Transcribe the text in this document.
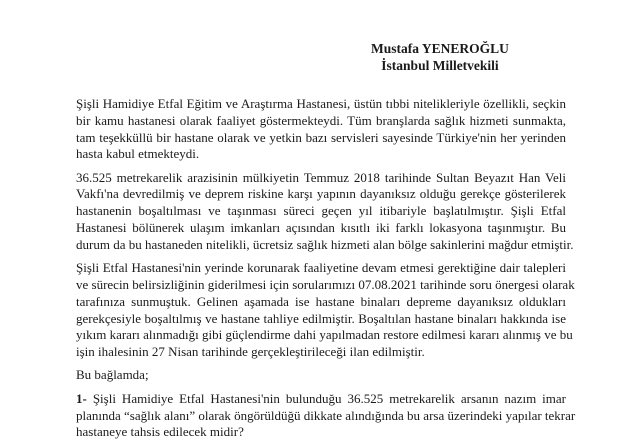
Mustafa YENEROĞLU
İstanbul Milletvekili
Şişli Hamidiye Etfal Eğitim ve Araştırma Hastanesi, üstün tıbbi nitelikleriyle özellikli, seçkin
bir kamu hastanesi olarak faaliyet göstermekteydi. Tüm branşlarda sağlık hizmeti sunmakta,
tam teşekküllü bir hastane olarak ve yetkin bazı servisleri sayesinde Türkiye'nin her yerinden
hasta kabul etmekteydi.
36.525 metrekarelik arazisinin mülkiyetin Temmuz 2018 tarihinde Sultan Beyazıt Han Veli
Vakfı'na devredilmiş ve deprem riskine karşı yapının dayanıksız olduğu gerekçe gösterilerek
hastanenin boşaltılması ve taşınması süreci geçen yıl itibariyle başlatılmıştır. Şişli Etfal
Hastanesi bölünerek ulaşım imkanları açısından kısıtlı iki farklı lokasyona taşınmıştır. Bu
durum da bu hastaneden nitelikli, ücretsiz sağlık hizmeti alan bölge sakinlerini mağdur etmiştir.
Şişli Etfal Hastanesi'nin yerinde korunarak faaliyetine devam etmesi gerektiğine dair talepleri
ve sürecin belirsizliğinin giderilmesi için sorularımızı 07.08.2021 tarihinde soru önergesi olarak
tarafınıza sunmuştuk. Gelinen aşamada ise hastane binaları depreme dayanıksız oldukları
gerekçesiyle boşaltılmış ve hastane tahliye edilmiştir. Boşaltılan hastane binaları hakkında ise
yıkım kararı alınmadığı gibi güçlendirme dahi yapılmadan restore edilmesi kararı alınmış ve bu
işin ihalesinin 27 Nisan tarihinde gerçekleştirileceği ilan edilmiştir.
Bu bağlamda;
1- Şişli Hamidiye Etfal Hastanesi'nin bulunduğu 36.525 metrekarelik arsanın nazım imar
planında “sağlık alanı” olarak öngörüldüğü dikkate alındığında bu arsa üzerindeki yapılar tekrar
hastaneye tahsis edilecek midir?
